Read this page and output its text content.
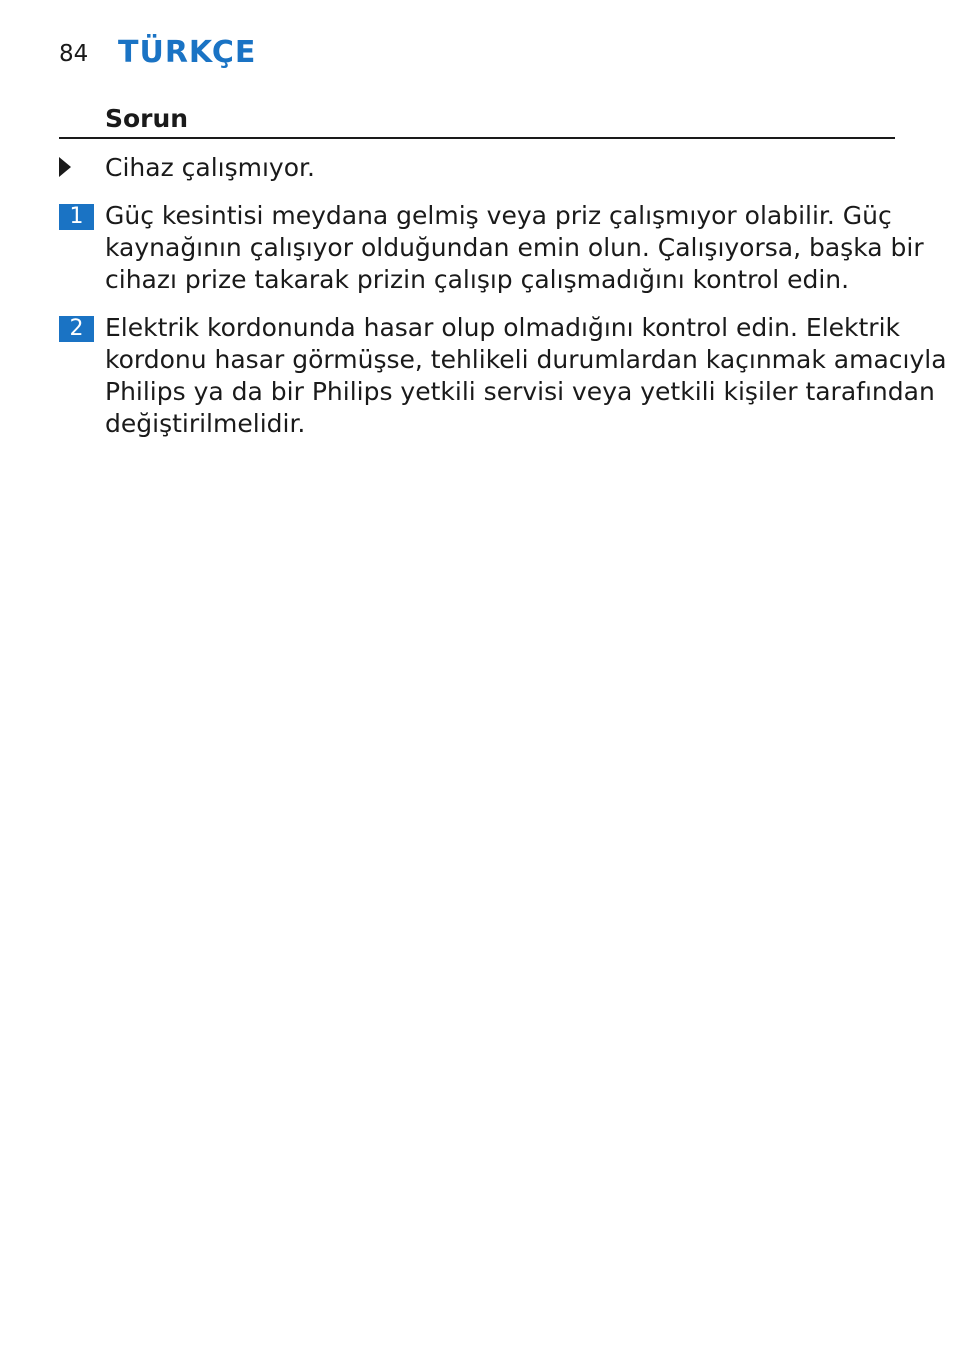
84 TÜRKÇE
Sorun
Cihaz çalışmıyor.
1 Güç kesintisi meydana gelmiş veya priz çalışmıyor olabilir. Güç
kaynağının çalışıyor olduğundan emin olun. Çalışıyorsa, başka bir
cihazı prize takarak prizin çalışıp çalışmadığını kontrol edin.
2 Elektrik kordonunda hasar olup olmadığını kontrol edin. Elektrik
kordonu hasar görmüşse, tehlikeli durumlardan kaçınmak amacıyla
Philips ya da bir Philips yetkili servisi veya yetkili kişiler tarafından
değiştirilmelidir.
